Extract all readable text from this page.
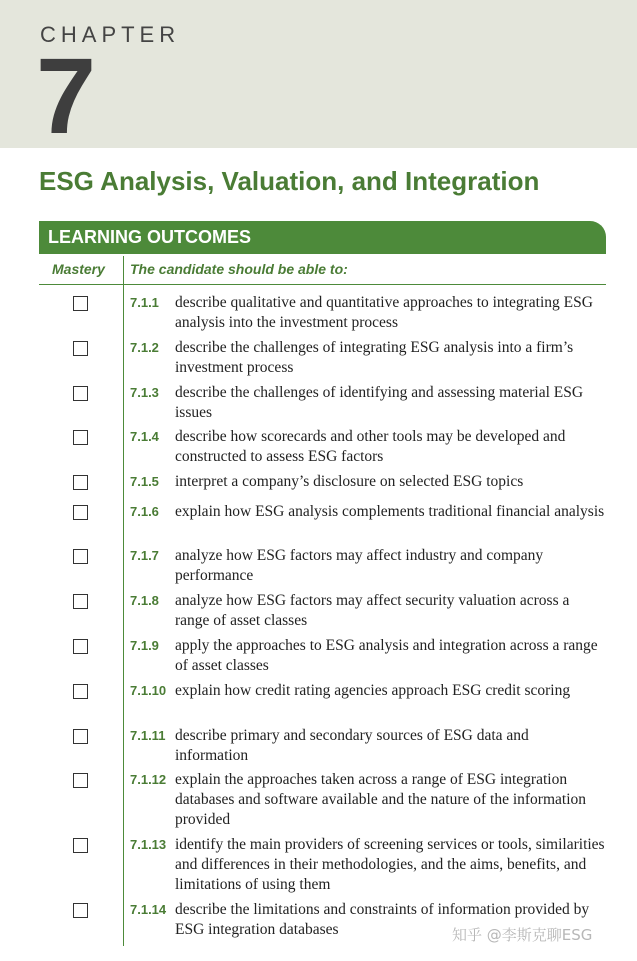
CHAPTER
7
ESG Analysis, Valuation, and Integration
LEARNING OUTCOMES
Mastery The candidate should be able to:
7.1.1 describe qualitative and quantitative approaches to integrating ESG analysis into the investment process
7.1.2 describe the challenges of integrating ESG analysis into a firm’s investment process
7.1.3 describe the challenges of identifying and assessing material ESG issues
7.1.4 describe how scorecards and other tools may be developed and constructed to assess ESG factors
7.1.5 interpret a company’s disclosure on selected ESG topics
7.1.6 explain how ESG analysis complements traditional financial analysis
7.1.7 analyze how ESG factors may affect industry and company performance
7.1.8 analyze how ESG factors may affect security valuation across a range of asset classes
7.1.9 apply the approaches to ESG analysis and integration across a range of asset classes
7.1.10 explain how credit rating agencies approach ESG credit scoring
7.1.11 describe primary and secondary sources of ESG data and information
7.1.12 explain the approaches taken across a range of ESG integration databases and software available and the nature of the information provided
7.1.13 identify the main providers of screening services or tools, similarities and differences in their methodologies, and the aims, benefits, and limitations of using them
7.1.14 describe the limitations and constraints of information provided by ESG integration databases	知乎 @李斯克聊ESG
